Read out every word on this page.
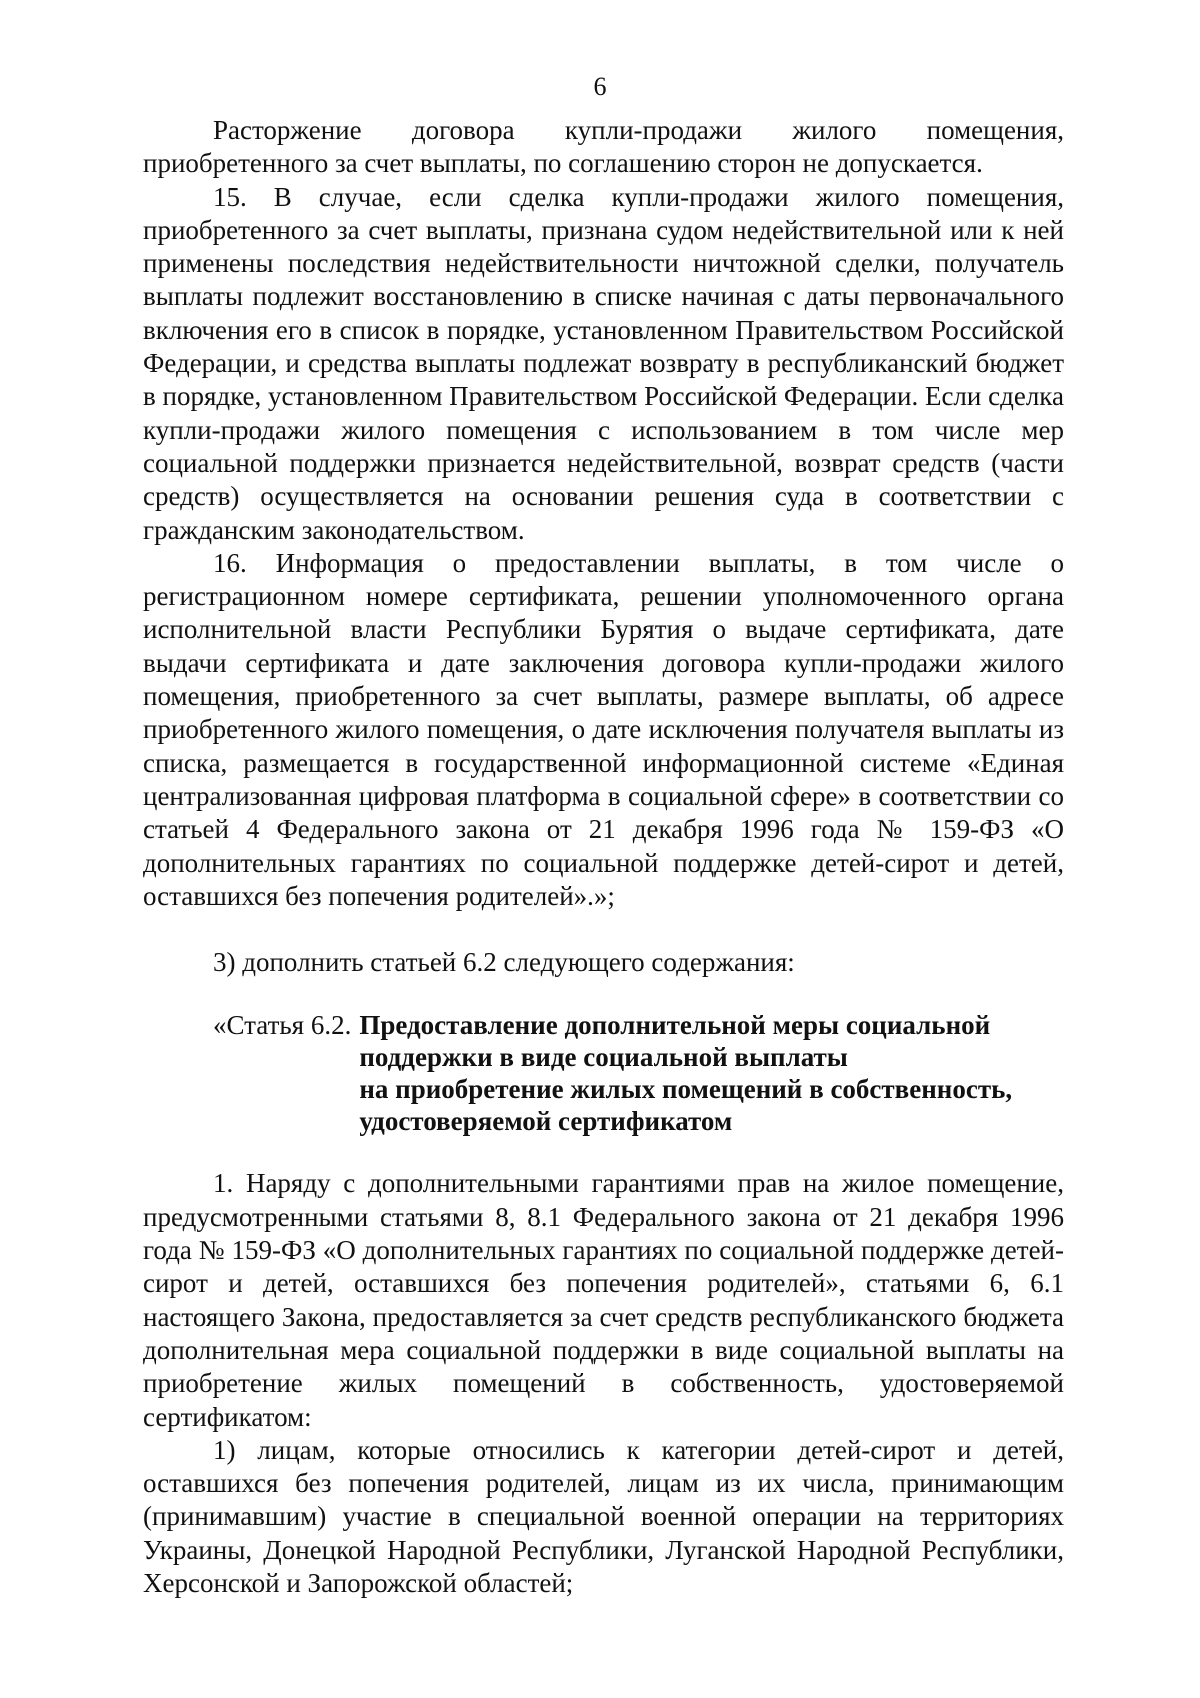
6

Расторжение договора купли-продажи жилого помещения, приобретенного за счет выплаты, по соглашению сторон не допускается.

15. В случае, если сделка купли-продажи жилого помещения, приобретенного за счет выплаты, признана судом недействительной или к ней применены последствия недействительности ничтожной сделки, получатель выплаты подлежит восстановлению в списке начиная с даты первоначального включения его в список в порядке, установленном Правительством Российской Федерации, и средства выплаты подлежат возврату в республиканский бюджет в порядке, установленном Правительством Российской Федерации. Если сделка купли-продажи жилого помещения с использованием в том числе мер социальной поддержки признается недействительной, возврат средств (части средств) осуществляется на основании решения суда в соответствии с гражданским законодательством.

16. Информация о предоставлении выплаты, в том числе о регистрационном номере сертификата, решении уполномоченного органа исполнительной власти Республики Бурятия о выдаче сертификата, дате выдачи сертификата и дате заключения договора купли-продажи жилого помещения, приобретенного за счет выплаты, размере выплаты, об адресе приобретенного жилого помещения, о дате исключения получателя выплаты из списка, размещается в государственной информационной системе «Единая централизованная цифровая платформа в социальной сфере» в соответствии со статьей 4 Федерального закона от 21 декабря 1996 года № 159-ФЗ «О дополнительных гарантиях по социальной поддержке детей-сирот и детей, оставшихся без попечения родителей».»;

3) дополнить статьей 6.2 следующего содержания:

«Статья 6.2. Предоставление дополнительной меры социальной
поддержки в виде социальной выплаты
на приобретение жилых помещений в собственность,
удостоверяемой сертификатом

1. Наряду с дополнительными гарантиями прав на жилое помещение, предусмотренными статьями 8, 8.1 Федерального закона от 21 декабря 1996 года № 159-ФЗ «О дополнительных гарантиях по социальной поддержке детей-сирот и детей, оставшихся без попечения родителей», статьями 6, 6.1 настоящего Закона, предоставляется за счет средств республиканского бюджета дополнительная мера социальной поддержки в виде социальной выплаты на приобретение жилых помещений в собственность, удостоверяемой сертификатом:

1) лицам, которые относились к категории детей-сирот и детей, оставшихся без попечения родителей, лицам из их числа, принимающим (принимавшим) участие в специальной военной операции на территориях Украины, Донецкой Народной Республики, Луганской Народной Республики, Херсонской и Запорожской областей;
